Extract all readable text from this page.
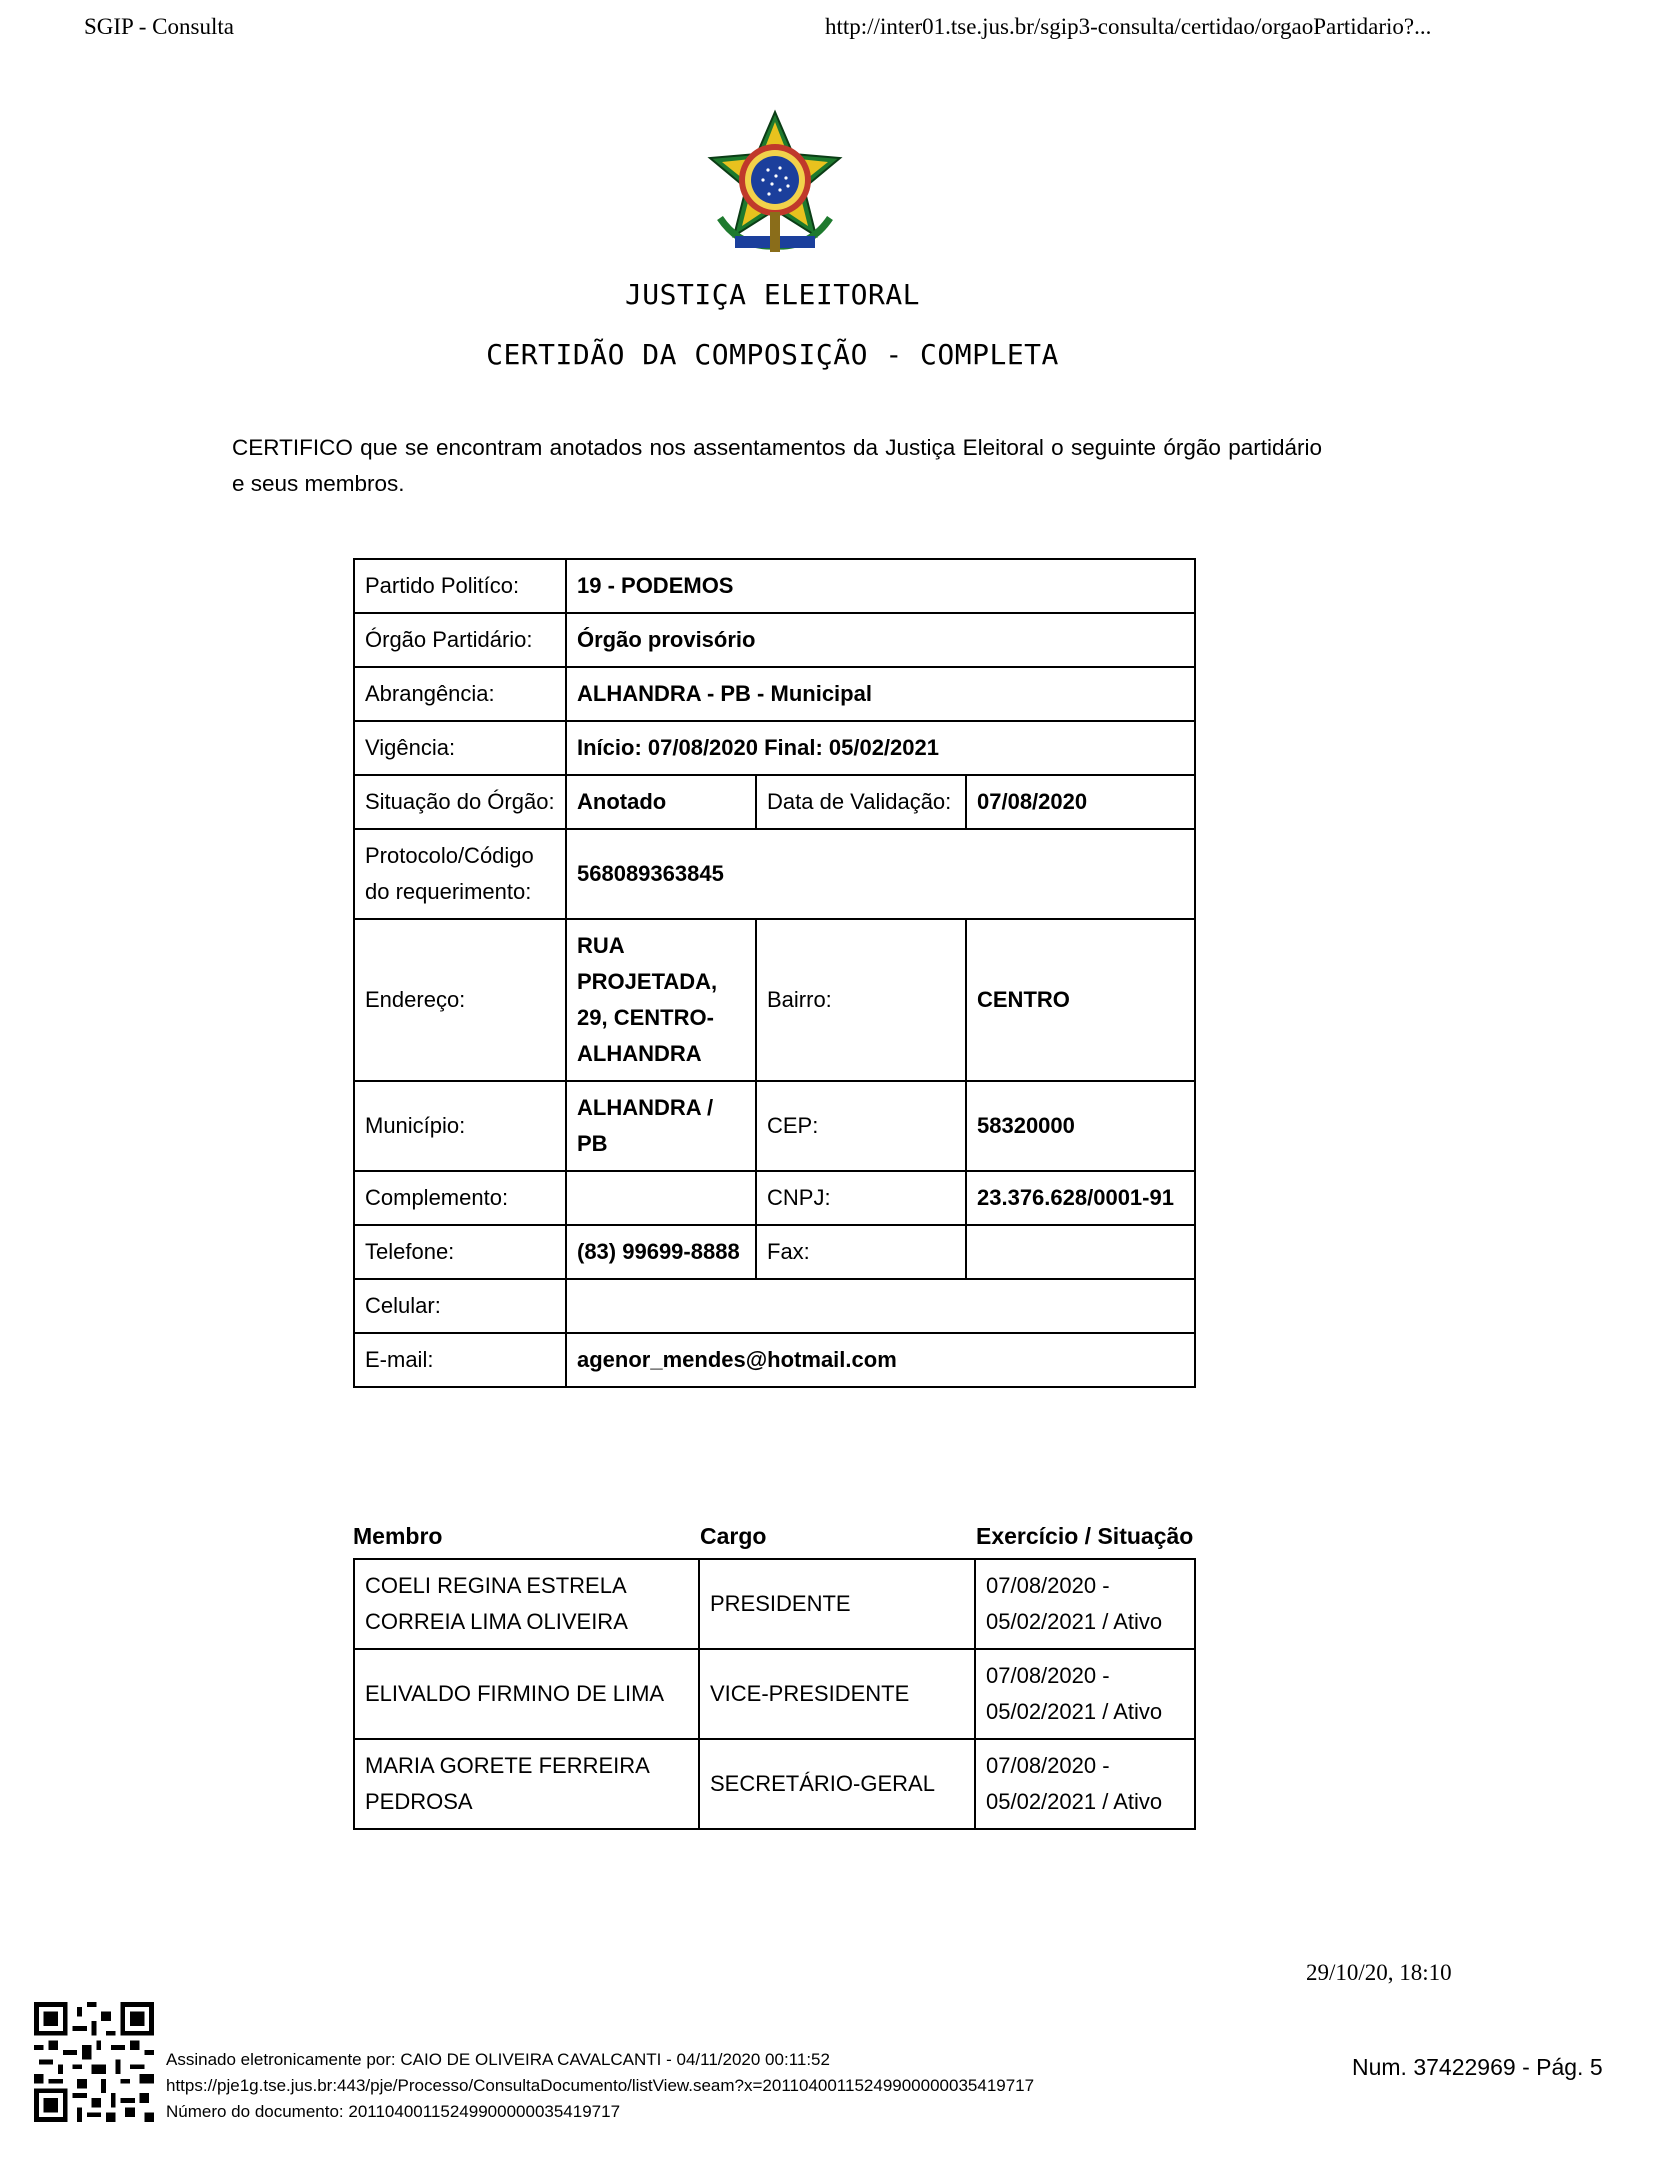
SGIP - Consulta	http://inter01.tse.jus.br/sgip3-consulta/certidao/orgaoPartidario?...
JUSTIÇA ELEITORAL
CERTIDÃO DA COMPOSIÇÃO - COMPLETA
CERTIFICO que se encontram anotados nos assentamentos da Justiça Eleitoral o seguinte órgão partidário e seus membros.
Partido Politíco:	19 - PODEMOS		
Órgão Partidário:	Órgão provisório		
Abrangência:	ALHANDRA - PB - Municipal		
Vigência:	Início: 07/08/2020 Final: 05/02/2021		
Situação do Órgão:	Anotado	Data de Validação:	07/08/2020
Protocolo/Código do requerimento:	568089363845		
Endereço:	RUA PROJETADA, 29, CENTRO-ALHANDRA	Bairro:	CENTRO
Município:	ALHANDRA / PB	CEP:	58320000
Complemento:		CNPJ:	23.376.628/0001-91
Telefone:	(83) 99699-8888	Fax:	
Celular:			
E-mail:	agenor_mendes@hotmail.com		
Membro	Cargo	Exercício / Situação
COELI REGINA ESTRELA CORREIA LIMA OLIVEIRA	PRESIDENTE	07/08/2020 - 05/02/2021 / Ativo
ELIVALDO FIRMINO DE LIMA	VICE-PRESIDENTE	07/08/2020 - 05/02/2021 / Ativo
MARIA GORETE FERREIRA PEDROSA	SECRETÁRIO-GERAL	07/08/2020 - 05/02/2021 / Ativo
29/10/20, 18:10
Assinado eletronicamente por: CAIO DE OLIVEIRA CAVALCANTI - 04/11/2020 00:11:52
https://pje1g.tse.jus.br:443/pje/Processo/ConsultaDocumento/listView.seam?x=20110400115249900000035419717
Número do documento: 20110400115249900000035419717
Num. 37422969 - Pág. 5
